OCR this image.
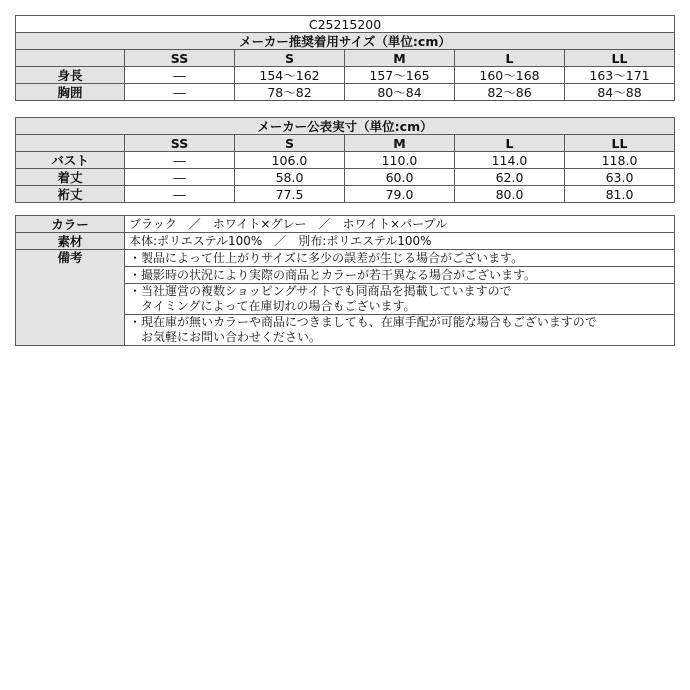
C25215200					
メーカー推奨着用サイズ（単位:cm）					
	SS	S	M	L	LL
身長	―	154～162	157～165	160～168	163～171
胸囲	―	78～82	80～84	82～86	84～88
メーカー公表実寸（単位:cm）					
	SS	S	M	L	LL
バスト	―	106.0	110.0	114.0	118.0
着丈	―	58.0	60.0	62.0	63.0
裄丈	―	77.5	79.0	80.0	81.0
カラー	ブラック　／　ホワイト×グレー　／　ホワイト×パープル
素材	本体:ポリエステル100%　／　別布:ポリエステル100%
備考	・製品によって仕上がりサイズに多少の誤差が生じる場合がございます。

	・撮影時の状況により実際の商品とカラーが若干異なる場合がございます。

	・当社運営の複数ショッピングサイトでも同商品を掲載していますので
　タイミングによって在庫切れの場合もございます。

	・現在庫が無いカラーや商品につきましても、在庫手配が可能な場合もございますので
　お気軽にお問い合わせください。
